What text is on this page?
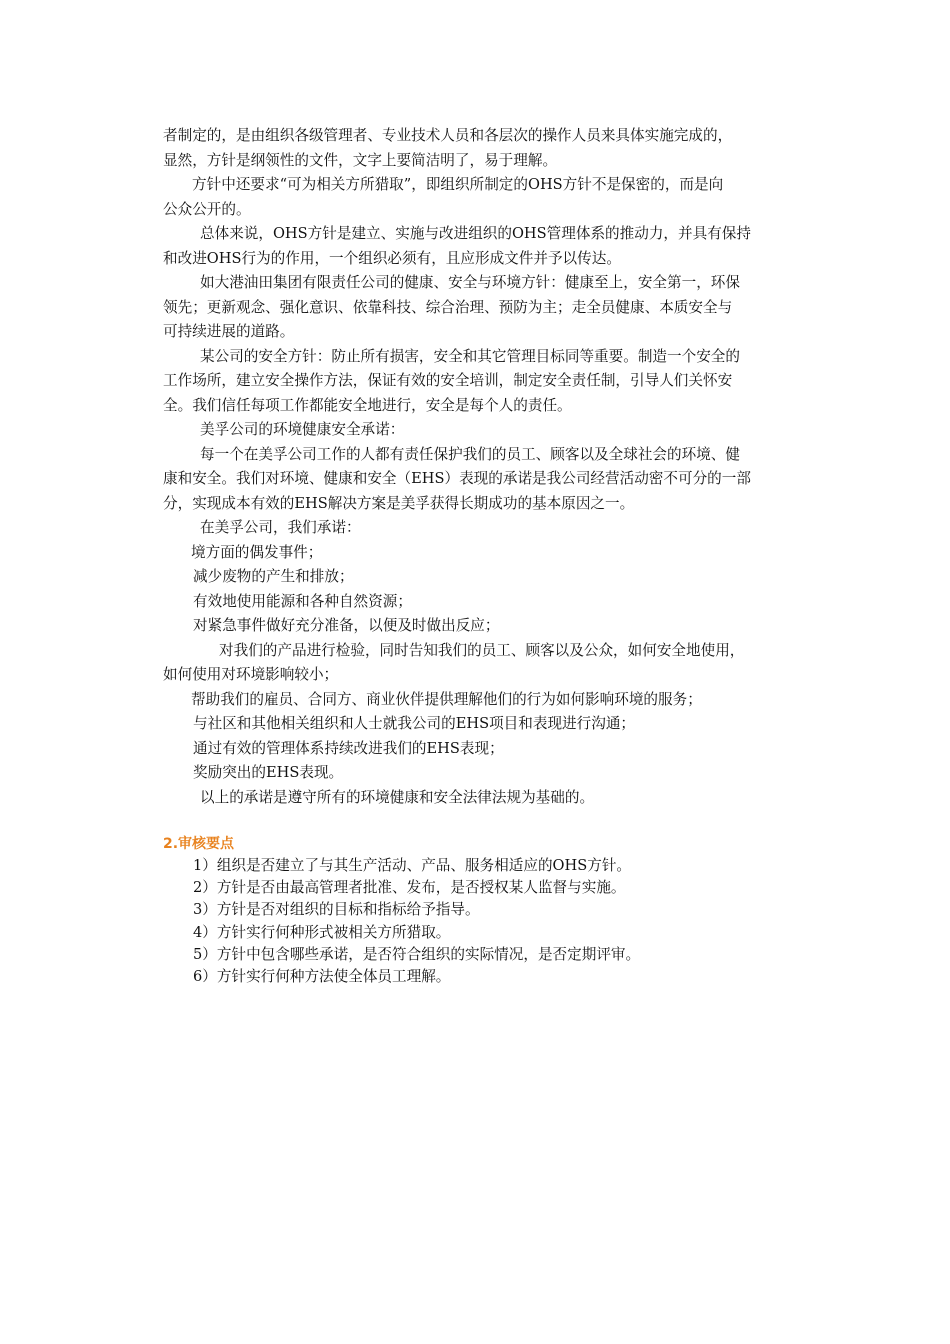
者制定的，是由组织各级管理者、专业技术人员和各层次的操作人员来具体实施完成的，
显然，方针是纲领性的文件，文字上要简洁明了，易于理解。
方针中还要求“可为相关方所猎取”，即组织所制定的OHS方针不是保密的，而是向
公众公开的。
总体来说，OHS方针是建立、实施与改进组织的OHS管理体系的推动力，并具有保持
和改进OHS行为的作用，一个组织必须有，且应形成文件并予以传达。
如大港油田集团有限责任公司的健康、安全与环境方针：健康至上，安全第一，环保
领先；更新观念、强化意识、依靠科技、综合治理、预防为主；走全员健康、本质安全与
可持续进展的道路。
某公司的安全方针：防止所有损害，安全和其它管理目标同等重要。制造一个安全的
工作场所，建立安全操作方法，保证有效的安全培训，制定安全责任制，引导人们关怀安
全。我们信任每项工作都能安全地进行，安全是每个人的责任。
美孚公司的环境健康安全承诺：
每一个在美孚公司工作的人都有责任保护我们的员工、顾客以及全球社会的环境、健
康和安全。我们对环境、健康和安全（EHS）表现的承诺是我公司经营活动密不可分的一部
分，实现成本有效的EHS解决方案是美孚获得长期成功的基本原因之一。
在美孚公司，我们承诺：
境方面的偶发事件；
减少废物的产生和排放；
有效地使用能源和各种自然资源；
对紧急事件做好充分准备，以便及时做出反应；
对我们的产品进行检验，同时告知我们的员工、顾客以及公众，如何安全地使用，
如何使用对环境影响较小；
帮助我们的雇员、合同方、商业伙伴提供理解他们的行为如何影响环境的服务；
与社区和其他相关组织和人士就我公司的EHS项目和表现进行沟通；
通过有效的管理体系持续改进我们的EHS表现；
奖励突出的EHS表现。
以上的承诺是遵守所有的环境健康和安全法律法规为基础的。
2.审核要点
1）组织是否建立了与其生产活动、产品、服务相适应的OHS方针。
2）方针是否由最高管理者批准、发布，是否授权某人监督与实施。
3）方针是否对组织的目标和指标给予指导。
4）方针实行何种形式被相关方所猎取。
5）方针中包含哪些承诺，是否符合组织的实际情况，是否定期评审。
6）方针实行何种方法使全体员工理解。
